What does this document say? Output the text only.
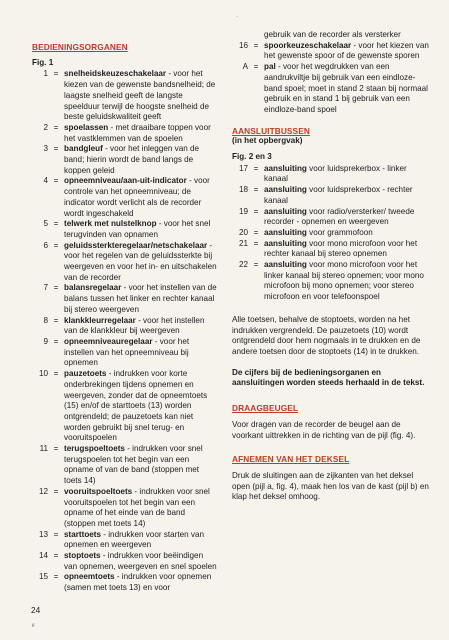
BEDIENINGSORGANEN
Fig. 1
1 = snelheidskeuzeschakelaar - voor het kiezen van de gewenste bandsnelheid; de laagste snelheid geeft de langste speelduur terwijl de hoogste snelheid de beste geluidskwaliteit geeft
2 = spoelassen - met draaibare toppen voor het vastklemmen van de spoelen
3 = bandgleuf - voor het inleggen van de band; hierin wordt de band langs de koppen geleid
4 = opneemniveau/aan-uit-indicator - voor controle van het opneemniveau; de indicator wordt verlicht als de recorder wordt ingeschakeld
5 = telwerk met nulstelknop - voor het snel terugvinden van opnamen
6 = geluidssterkteregelaar/netschakelaar - voor het regelen van de geluidssterkte bij weergeven en voor het in- en uitschakelen van de recorder
7 = balansregelaar - voor het instellen van de balans tussen het linker en rechter kanaal bij stereo weergeven
8 = klankkleurregelaar - voor het instellen van de klankkleur bij weergeven
9 = opneemniveauregelaar - voor het instellen van het opneemniveau bij opnemen
10 = pauzetoets - indrukken voor korte onderbrekingen tijdens opnemen en weergeven, zonder dat de opneemtoets (15) en/of de starttoets (13) worden ontgrendeld; de pauzetoets kan niet worden gebruikt bij snel terug- en vooruitspoelen
11 = terugspoeltoets - indrukken voor snel terugspoelen tot het begin van een opname of van de band (stoppen met toets 14)
12 = vooruitspoeltoets - indrukken voor snel vooruitspoelen tot het begin van een opname of het einde van de band (stoppen met toets 14)
13 = starttoets - indrukken voor starten van opnemen en weergeven
14 = stoptoets - indrukken voor beëindigen van opnemen, weergeven en snel spoelen
15 = opneemtoets - indrukken voor opnemen (samen met toets 13) en voor

gebruik van de recorder als versterker

16 = spoorkeuzeschakelaar - voor het kiezen van het gewenste spoor of de gewenste sporen
A = pal - voor het wegdrukken van een aandrukviltje bij gebruik van een eindloze-band spoel; moet in stand 2 staan bij normaal gebruik en in stand 1 bij gebruik van een eindloze-band spoel
AANSLUITBUSSEN
(in het opbergvak)
Fig. 2 en 3
17 = aansluiting voor luidsprekerbox - linker kanaal
18 = aansluiting voor luidsprekerbox - rechter kanaal
19 = aansluiting voor radio/versterker/ tweede recorder - opnemen en weergeven
20 = aansluiting voor grammofoon
21 = aansluiting voor mono microfoon voor het rechter kanaal bij stereo opnemen
22 = aansluiting voor mono microfoon voor het linker kanaal bij stereo opnemen; voor mono microfoon bij mono opnemen; voor stereo microfoon en voor telefoonspoel

Alle toetsen, behalve de stoptoets, worden na het indrukken vergrendeld. De pauzetoets (10) wordt ontgrendeld door hem nogmaals in te drukken en de andere toetsen door de stoptoets (14) in te drukken.

De cijfers bij de bedieningsorganen en aansluitingen worden steeds herhaald in de tekst.

DRAAGBEUGEL

Voor dragen van de recorder de beugel aan de voorkant uittrekken in de richting van de pijl (fig. 4).

AFNEMEN VAN HET DEKSEL

Druk de sluitingen aan de zijkanten van het deksel open (pijl a, fig. 4), maak hen los van de kast (pijl b) en klap het deksel omhoog.

24
ꜰ
·
